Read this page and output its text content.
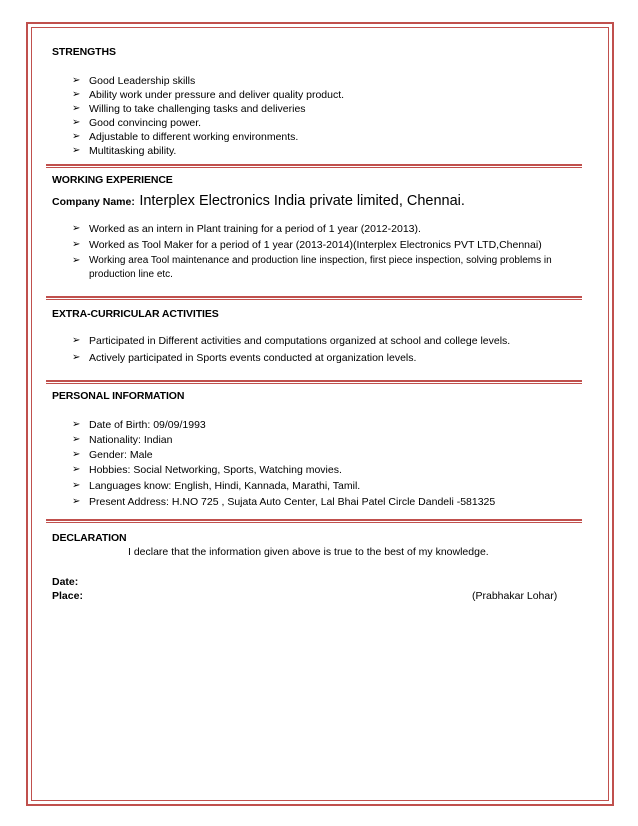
STRENGTHS
➢ Good Leadership skills
➢ Ability work under pressure and deliver quality product.
➢ Willing to take challenging tasks and deliveries
➢ Good convincing power.
➢ Adjustable to different working environments.
➢ Multitasking ability.
WORKING EXPERIENCE
Company Name: Interplex Electronics India private limited, Chennai.
➢ Worked as an intern in Plant training for a period of 1 year (2012-2013).
➢ Worked as Tool Maker for a period of 1 year (2013-2014)(Interplex Electronics PVT LTD,Chennai)
➢ Working area Tool maintenance and production line inspection, first piece inspection, solving problems in production line etc.
EXTRA-CURRICULAR ACTIVITIES
➢ Participated in Different activities and computations organized at school and college levels.
➢ Actively participated in Sports events conducted at organization levels.
PERSONAL INFORMATION
➢ Date of Birth: 09/09/1993
➢ Nationality: Indian
➢ Gender: Male
➢ Hobbies: Social Networking, Sports, Watching movies.
➢ Languages know: English, Hindi, Kannada, Marathi, Tamil.
➢ Present Address: H.NO 725 , Sujata Auto Center, Lal Bhai Patel Circle Dandeli -581325
DECLARATION
I declare that the information given above is true to the best of my knowledge.
Date:
Place:	(Prabhakar Lohar)
